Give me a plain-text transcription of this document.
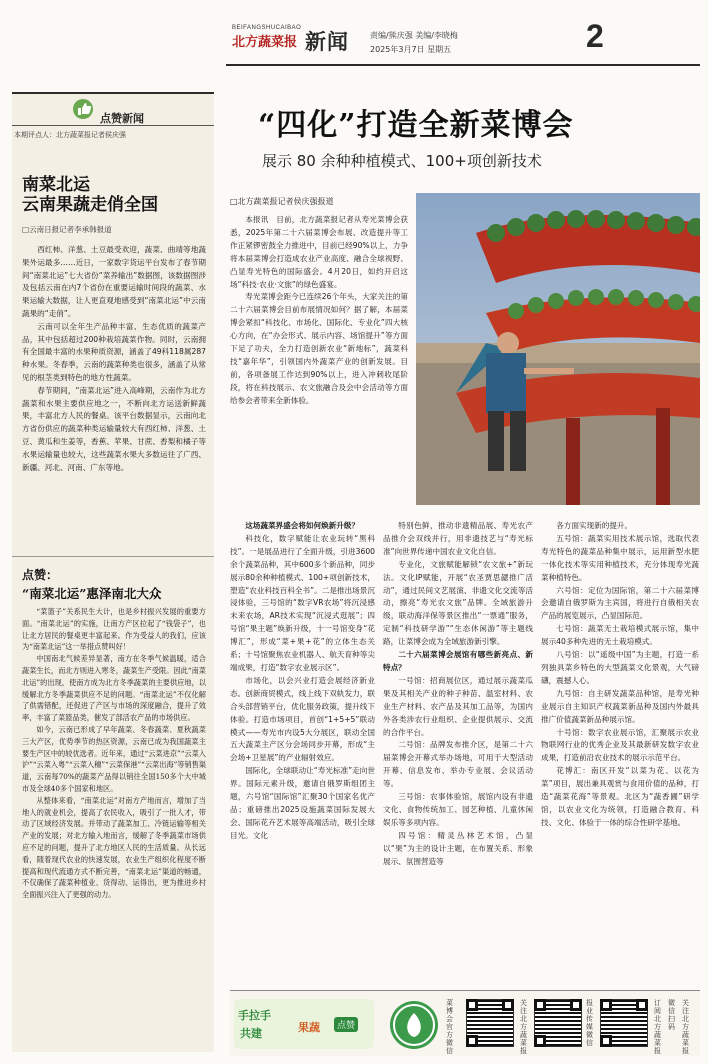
BEIFANGSHUCAIBAO
北方蔬菜报 新闻	责编/熊庆强 美编/李晓梅
2025年3月7日 星期五	2
点赞新闻
本期评点人：北方蔬菜报记者侯庆强
南菜北运
云南果蔬走俏全国
□云南日报记者李承韩报道

西红柿、洋葱、土豆最受欢迎，蔬菜、曲靖等地蔬果外运最多……近日，一家数字货运平台发布了春节期间“南菜北运”七大省份“菜养输出”数据图，该数据图涉及包括云南在内7个省份在重要运输时间段的蔬菜、水果运输大数据，让人更直观地感受到“南菜北运”中云南蔬果的“走俏”。

云南可以全年生产品种丰富、生态优质的蔬菜产品，其中包括超过200种栽培蔬菜作物。同时，云南拥有全国最丰富的水果种质资源，涵盖了49科118属287种水果。冬春季，云南的蔬菜种类也很多，涵盖了从常见的根茎类到特色的地方性蔬菜。

春节期间，“南菜北运”进入高峰期，云南作为北方蔬菜和水果主要供应地之一，不断向北方运送新鲜蔬果，丰富北方人民的餐桌。该平台数据显示，云南向北方省份供应的蔬菜种类运输量较大有西红柿、洋葱、土豆、黄瓜和生姜等，香蕉、苹果、甘蔗、香梨和橘子等水果运输量也较大，这些蔬菜水果大多数运往了广西、新疆、河北、河南、广东等地。

点赞：
“南菜北运”惠泽南北大众

“菜篮子”关系民生大计，也是乡村振兴发展的重要方面。“南菜北运”的实施，让南方产区拉起了“钱袋子”，也让北方居民的餐桌更丰富起来。作为受益人的我们，应该为“南菜北运”这一举措点赞叫好！

中国南北气候差异显著，南方在冬季气候温暖，适合蔬菜生长，而北方则进入寒冬，蔬菜生产受限。因此“南菜北运”的出现，使南方成为北方冬季蔬菜的主要供应地，以缓解北方冬季蔬菜供应不足的问题。“南菜北运”不仅化解了供需错配，还促进了产区与市场的深度融合，提升了效率，丰富了菜篮品类，催发了部活农产品的市场供应。

如今，云南已形成了早年蔬菜、冬春蔬菜、夏秋蔬菜三大产区，优势季节的热区资源，云南已成为我国蔬菜主要生产区中的较优选者。近年来，通过“云菜进京”“云菜入沪”“云菜入粤”“云菜入穗”“云菜保港”“云菜出海”等销售渠道，云南每70%的蔬菜产品得以销往全国150多个大中城市及全球40多个国家和地区。

从整体来看，“南菜北运”对南方产地而言，增加了当地人的就业机会，提高了农民收入，吸引了一批人才，带动了区域经济发展。并带动了蔬菜加工、冷链运输等相关产业的发展；对北方输入地而言，缓解了冬季蔬菜市场供应不足的问题，提升了北方地区人民的生活质量。从长远看，随着现代农业的快速发展，农业生产组织化程度不断提高和现代流通方式不断完善，“南菜北运”渠道的畅通，不仅确保了蔬菜种植业、货得动、运得出，更为推进乡村全面振兴注入了更强的动力。

“四化”打造全新菜博会
展示 80 余种种植模式、100+项创新技术
□北方蔬菜报记者侯庆强报道

本报讯　目前，北方蔬菜报记者从寿光菜博会获悉，2025年第二十六届菜博会布展、改造提升等工作正紧锣密鼓全力推进中，目前已经90%以上，力争将本届菜博会打造成农业产业高度、融合全球视野、凸显寿光特色的国际盛会。4月20日，如约开启这场“科技·农业·文旅”的绿色盛宴。

寿光菜博会距今已连续26个年头，大家关注的第二十六届菜博会目前布展情况如何？据了解，本届菜博会紧扣“科技化、市场化、国际化、专业化”四大核心方向，在“办会形式、展示内容、场馆提升”等方面下足了功夫，全力打造创新农业“新地标”，蔬菜科技“嘉年华”，引领国内外蔬菜产业的创新发展。目前，各项备展工作达到90%以上，进入冲刺收尾阶段，将在科技展示、农文旅融合及会中会活动等方面给参会者带来全新体验。

这场蔬菜界盛会将如何焕新升级？

科技化，数字赋能让农业玩转“黑科技”。一是展品进行了全面升级，引进3600余个蔬菜品种，其中600多个新品种，同步展示80余种种植模式、100+项创新技术，塑造“农业科技百科全书”。二是推出场景沉浸体验，三号馆的“数字VR农场”将沉浸感未来农场，AR技术实现“沉浸式逛展”；四号馆“果主题”焕新升级，十一号馆变身“花博汇”，形成“菜+果+花”的立体生态关系；十号馆聚焦农业机器人、航天育种等尖端成果，打造“数字农业展示区”。

市场化，以会兴业打造会展经济新业态。创新商贸模式，线上线下双轨发力，联合头部营销平台，优化服务政策，提升线下体验。打造市场项目，首创“1+5+5”联动模式——寿光市内设5大分展区，联动全国五大蔬菜主产区分会场同步开幕，形成“主会场+卫星展”的产业辐射效应。

国际化，全球联动让“寿光标准”走向世界。国际元素升级，邀请自俄罗斯组团主题，六号馆“国际馆”汇聚30个国家名优产品；重磅推出2025设施蔬菜国际发展大会、国际花卉艺术展等高端活动，吸引全球目光。文化

特别色鲜，推动非遗精品展、寿光农产品推介会双线并行，用非遗技艺与“寿光标准”向世界传递中国农业文化自信。

专业化，文旅赋能解锁“农文旅+”新玩法。文化IP赋能，开展“农圣贾思勰推广活动”，通过民间文艺展演、非遗文化交流等活动，擦亮“寿光农文旅”品牌。全域旅游升级，联动海洋保等景区推出“一票通”服务，定制“科技研学游”“生态休闲游”等主题线路，让菜博会成为全域旅游新引擎。

二十六届菜博会展馆有哪些新亮点、新特点？

一号馆：招商展位区，通过展示蔬菜瓜果及其相关产业的种子种苗、温室材料、农业生产材料、农产品及其加工品等，为国内外各类涉农行业组织、企业提供展示、交流的合作平台。

二号馆：品牌发布推介区，是第二十六届菜博会开幕式举办场地，可用于大型活动开幕、信息发布、举办专业展、会议活动等。

三号馆：农事体验馆，展馆内设有非遗文化、食物传统加工、园艺种植、儿童休闲娱乐等多项内容。

四号馆：精灵丛林艺术馆，凸显以“果”为主的设计主题，在布置关系、形象展示、氛围营造等

各方面实现新的提升。

五号馆：蔬菜实用技术展示馆，选取代表寿光特色的蔬菜品种集中展示，运用新型水肥一体化技术等实用种植技术，充分体现寿光蔬菜种植特色。

六号馆：定位为国际馆，第二十六届菜博会邀请自俄罗斯为主宾国，将进行自俄相关农产品的展览展示，凸显国际范。

七号馆：蔬菜无土栽培模式展示馆，集中展示40多种先进的无土栽培模式。

八号馆：以“遥级中国”为主题，打造一系列独具菜乡特色的大型蔬菜文化景观，大气磅礴，震撼人心。

九号馆：自主研发蔬菜品种馆，是寿光种业展示自主知识产权蔬菜新品种及国内外最具推广价值蔬菜新品种展示馆。

十号馆：数字农业展示馆，汇聚展示农业物联网行业的优秀企业及其最新研发数字农业成果，打造前沿农业技术的展示示范平台。

花博汇：南区开发“以菜为花、以花为菜”项目，展出兼具观赏与食用价值的品种，打造“蔬菜花海”等景观。北区为“蔬香圃”研学馆，以农业文化为统领，打造融合教育、科技、文化、体验于一体的综合性研学基地。

手拉手
共建	果蔬	点赞
菜博会官方微信
关注北方蔬菜报
报业传媒微信
订阅北方蔬菜报
微信扫码
关注北方蔬菜报
